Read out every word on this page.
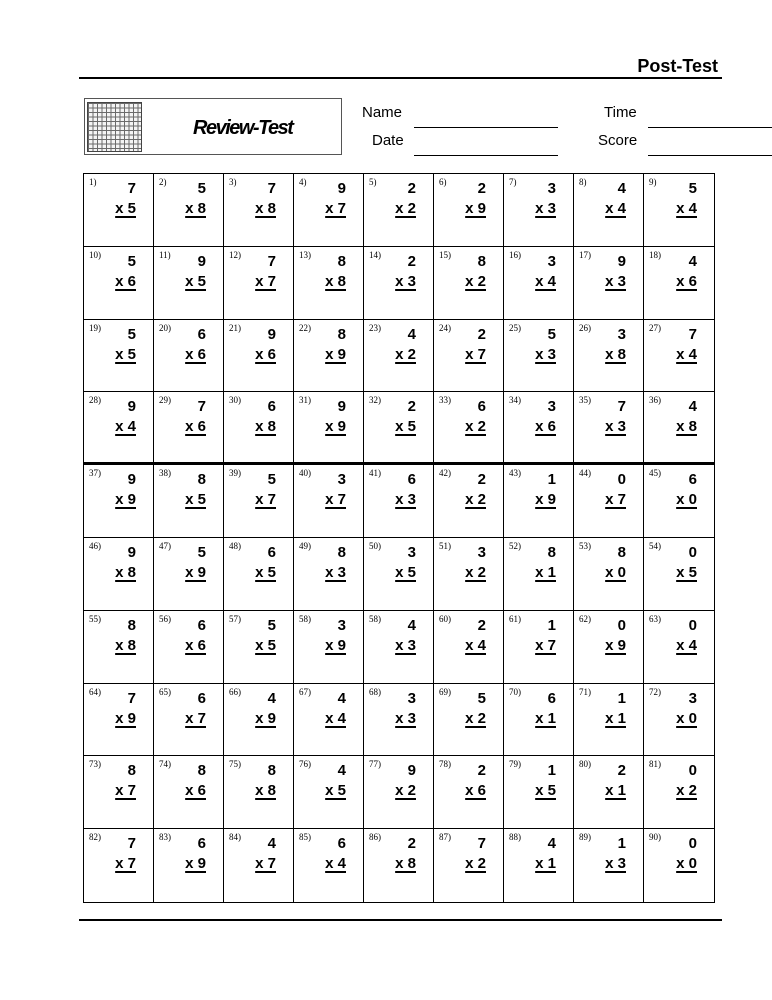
Post-Test
Review-Test
Name
Date
Time
Score
1) 7
x 5
2) 5
x 8
3) 7
x 8
4) 9
x 7
5) 2
x 2
6) 2
x 9
7) 3
x 3
8) 4
x 4
9) 5
x 4
10) 5
x 6
11) 9
x 5
12) 7
x 7
13) 8
x 8
14) 2
x 3
15) 8
x 2
16) 3
x 4
17) 9
x 3
18) 4
x 6
19) 5
x 5
20) 6
x 6
21) 9
x 6
22) 8
x 9
23) 4
x 2
24) 2
x 7
25) 5
x 3
26) 3
x 8
27) 7
x 4
28) 9
x 4
29) 7
x 6
30) 6
x 8
31) 9
x 9
32) 2
x 5
33) 6
x 2
34) 3
x 6
35) 7
x 3
36) 4
x 8
37) 9
x 9
38) 8
x 5
39) 5
x 7
40) 3
x 7
41) 6
x 3
42) 2
x 2
43) 1
x 9
44) 0
x 7
45) 6
x 0
46) 9
x 8
47) 5
x 9
48) 6
x 5
49) 8
x 3
50) 3
x 5
51) 3
x 2
52) 8
x 1
53) 8
x 0
54) 0
x 5
55) 8
x 8
56) 6
x 6
57) 5
x 5
58) 3
x 9
58) 4
x 3
60) 2
x 4
61) 1
x 7
62) 0
x 9
63) 0
x 4
64) 7
x 9
65) 6
x 7
66) 4
x 9
67) 4
x 4
68) 3
x 3
69) 5
x 2
70) 6
x 1
71) 1
x 1
72) 3
x 0
73) 8
x 7
74) 8
x 6
75) 8
x 8
76) 4
x 5
77) 9
x 2
78) 2
x 6
79) 1
x 5
80) 2
x 1
81) 0
x 2
82) 7
x 7
83) 6
x 9
84) 4
x 7
85) 6
x 4
86) 2
x 8
87) 7
x 2
88) 4
x 1
89) 1
x 3
90) 0
x 0
